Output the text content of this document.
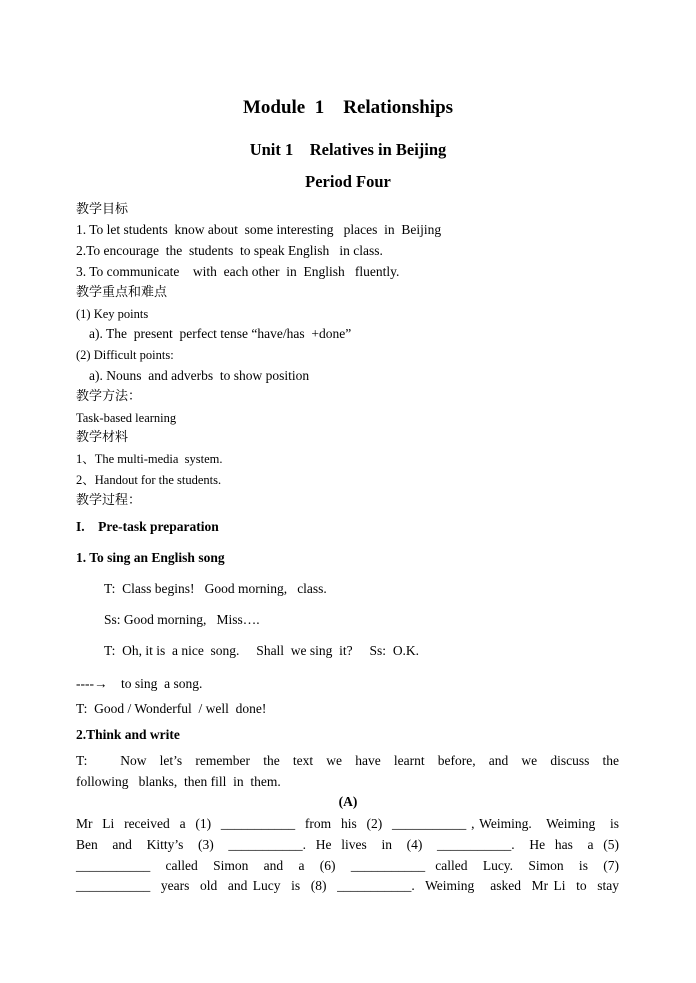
Module  1    Relationships
Unit 1    Relatives in Beijing
Period Four
教学目标
1. To let students  know about  some interesting   places  in  Beijing
2.To encourage  the  students  to speak English   in class.
3. To communicate    with  each other  in  English   fluently.
教学重点和难点
(1) Key points
a). The  present  perfect tense “have/has  +done”
(2) Difficult points:
a). Nouns  and adverbs  to show position
教学方法：
Task-based learning
教学材料
1、The multi-media  system.
2、Handout for the students.
教学过程：
I.    Pre-task preparation
1. To sing an English song
T:  Class begins!   Good morning,   class.
Ss: Good morning,   Miss….
T:  Oh, it is  a nice  song.     Shall  we sing  it?     Ss:  O.K.
----→    to sing  a song.
T:  Good / Wonderful  / well  done!
2.Think and write
T:     Now  let’s  remember  the  text  we  have  learnt  before,  and  we  discuss  the
following   blanks,  then fill  in  them.
(A)
Mr  Li  received  a  (1)  ___________  from  his  (2)  ___________ , Weiming.   Weiming   is
Ben   and   Kitty’s   (3)   ___________.  He  lives   in   (4)   ___________.   He  has   a  (5)
___________   called   Simon   and   a   (6)   ___________  called   Lucy.   Simon   is   (7)
___________  years  old  and Lucy  is  (8)  ___________.  Weiming   asked  Mr Li  to  stay
